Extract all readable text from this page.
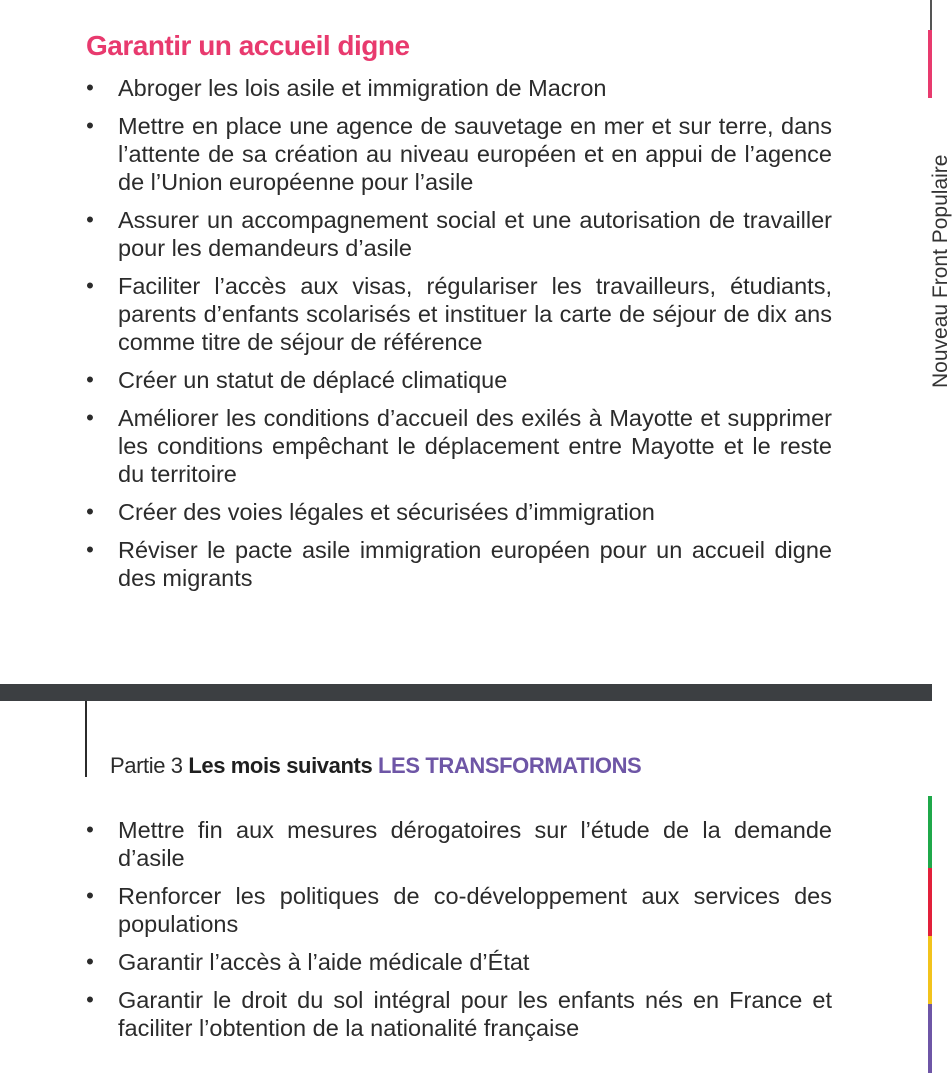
Garantir un accueil digne
• Abroger les lois asile et immigration de Macron
• Mettre en place une agence de sauvetage en mer et sur terre, dans l’attente de sa création au niveau européen et en appui de l’agence de l’Union européenne pour l’asile
• Assurer un accompagnement social et une autorisation de travailler pour les demandeurs d’asile
• Faciliter l’accès aux visas, régulariser les travailleurs, étudiants, parents d’enfants scolarisés et instituer la carte de séjour de dix ans comme titre de séjour de référence
• Créer un statut de déplacé climatique
• Améliorer les conditions d’accueil des exilés à Mayotte et supprimer les conditions empêchant le déplacement entre Mayotte et le reste du territoire
• Créer des voies légales et sécurisées d’immigration
• Réviser le pacte asile immigration européen pour un accueil digne des migrants
Nouveau Front Populaire
Partie 3 Les mois suivants LES TRANSFORMATIONS
• Mettre fin aux mesures dérogatoires sur l’étude de la demande d’asile
• Renforcer les politiques de co-développement aux services des populations
• Garantir l’accès à l’aide médicale d’État
• Garantir le droit du sol intégral pour les enfants nés en France et faciliter l’obtention de la nationalité française
